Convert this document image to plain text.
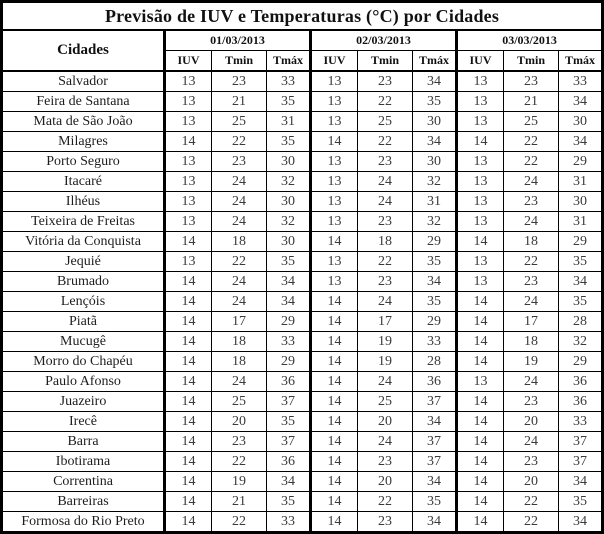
Previsão de IUV e Temperaturas (°C) por Cidades									
Cidades	01/03/2013			02/03/2013			03/03/2013		
	IUV	Tmin	Tmáx	IUV	Tmin	Tmáx	IUV	Tmin	Tmáx
Salvador	13	23	33	13	23	34	13	23	33
Feira de Santana	13	21	35	13	22	35	13	21	34
Mata de São João	13	25	31	13	25	30	13	25	30
Milagres	14	22	35	14	22	34	14	22	34
Porto Seguro	13	23	30	13	23	30	13	22	29
Itacaré	13	24	32	13	24	32	13	24	31
Ilhéus	13	24	30	13	24	31	13	23	30
Teixeira de Freitas	13	24	32	13	23	32	13	24	31
Vitória da Conquista	14	18	30	14	18	29	14	18	29
Jequié	13	22	35	13	22	35	13	22	35
Brumado	14	24	34	13	23	34	13	23	34
Lençóis	14	24	34	14	24	35	14	24	35
Piatã	14	17	29	14	17	29	14	17	28
Mucugê	14	18	33	14	19	33	14	18	32
Morro do Chapéu	14	18	29	14	19	28	14	19	29
Paulo Afonso	14	24	36	14	24	36	13	24	36
Juazeiro	14	25	37	14	25	37	14	23	36
Irecê	14	20	35	14	20	34	14	20	33
Barra	14	23	37	14	24	37	14	24	37
Ibotirama	14	22	36	14	23	37	14	23	37
Correntina	14	19	34	14	20	34	14	20	34
Barreiras	14	21	35	14	22	35	14	22	35
Formosa do Rio Preto	14	22	33	14	23	34	14	22	34
